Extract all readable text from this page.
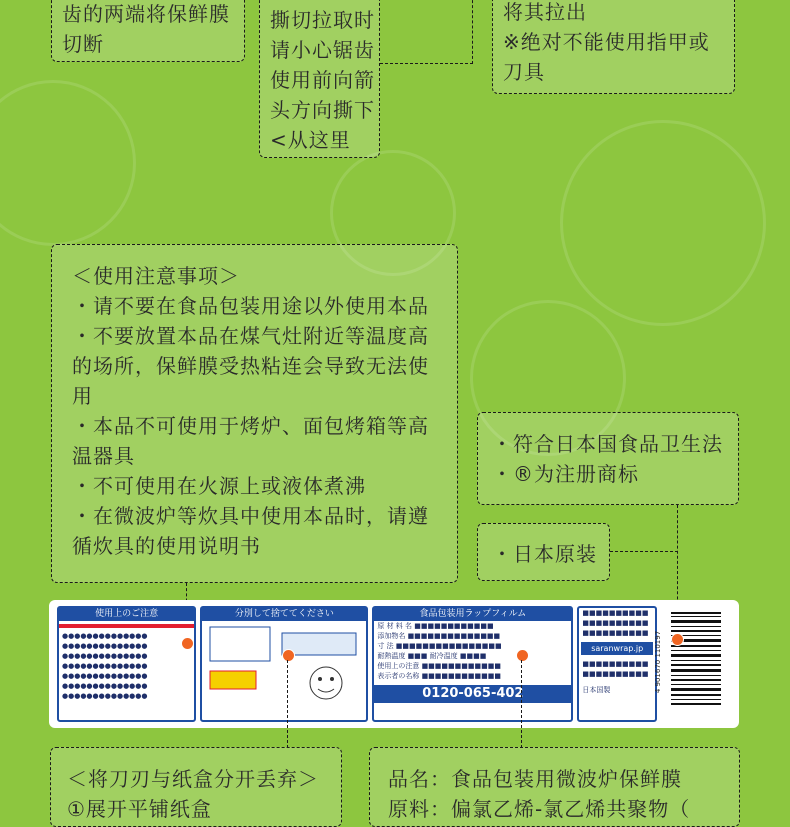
齿的两端将保鲜膜
切断
撕切拉取时
请小心锯齿
使用前向箭
头方向撕下
<从这里
将其拉出
※绝对不能使用指甲或
刀具
＜使用注意事项＞
・请不要在食品包装用途以外使用本品
・不要放置本品在煤气灶附近等温度高的场所，保鲜膜受热粘连会导致无法使用
・本品不可使用于烤炉、面包烤箱等高温器具
・不可使用在火源上或液体煮沸
・在微波炉等炊具中使用本品时，请遵循炊具的使用说明书
・符合日本国食品卫生法
・®为注册商标
・日本原装
使用上のご注意
●●●●●●●●●●●●●●
●●●●●●●●●●●●●●
●●●●●●●●●●●●●●
●●●●●●●●●●●●●●
●●●●●●●●●●●●●●
●●●●●●●●●●●●●●
●●●●●●●●●●●●●●
分別して捨ててください	食品包装用ラップフィルム
原 材 料 名 ■■■■■■■■■■■■
添加物名 ■■■■■■■■■■■■■■
寸 法 ■■■■■■■■■■■■■■■■
耐熱温度 ■■■ 耐冷温度 ■■■■
使用上の注意 ■■■■■■■■■■■■
表示者の名称 ■■■■■■■■■■■■
0120-065-402
■■■■■■■■■■
■■■■■■■■■■
■■■■■■■■■■
saranwrap.jp
■■■■■■■■■■
■■■■■■■■■■
日本国製	4 901670 110197
＜将刀刃与纸盒分开丢弃＞
①展开平铺纸盒
品名：食品包装用微波炉保鲜膜
原料：偏氯乙烯-氯乙烯共聚物（
